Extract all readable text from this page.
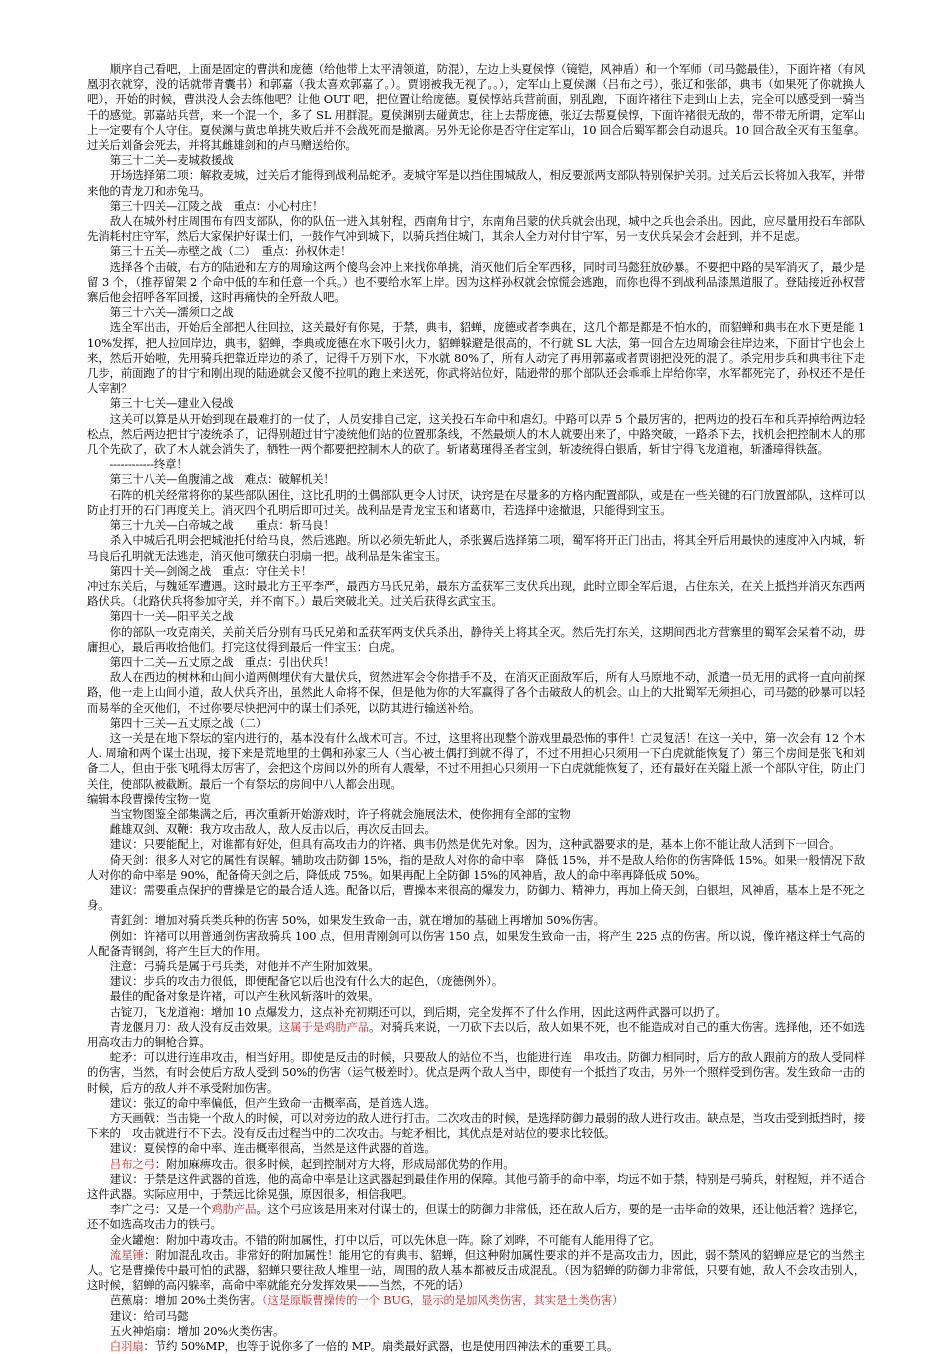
顺序自己看吧，上面是固定的曹洪和庞德（给他带上太平清领道，防混），左边上头夏侯惇（镜铠，风神盾）和一个军师（司马懿最佳），下面许褚（有风凰羽衣就穿，没的话就带青囊书）和郭嘉（我太喜欢郭嘉了。）。贾诩被我无视了。。），定军山上夏侯渊（吕布之弓），张辽和张郃，典韦（如果死了你就换人吧），开始的时候，曹洪没人会去练他吧？让他 OUT 吧，把位置让给庞德。夏侯惇站兵营前面，别乱跑，下面许褚往下走到山上去，完全可以感受到一骑当千的感觉。郭嘉站兵营，来一个混一个，多了 SL 用群混。夏侯渊别去碰黄忠，往上去帮庞德，张辽去帮夏侯惇，下面许褚很无敌的，带不带无所谓，定军山上一定要有个人守住。夏侯渊与黄忠单挑失败后并不会战死而是撤离。另外无论你是否守住定军山，10 回合后蜀军都会自动退兵。10 回合敌全灭有玉玺拿。过关后刘备会死去，并将其雌雄剑和的卢马赠送给你。

第三十二关—麦城救援战

开场选择第二项：解救麦城，过关后才能得到战利品蛇矛。麦城守军是以挡住围城敌人，相反要派两支部队特别保护关羽。过关后云长将加入我军，并带来他的青龙刀和赤兔马。

第三十四关—江陵之战　重点：小心村庄！

敌人在城外村庄周围布有四支部队，你的队伍一进入其射程，西南角甘宁，东南角吕蒙的伏兵就会出现，城中之兵也会杀出。因此，应尽量用投石车部队先消耗村庄守军，然后大家保护好谋士们，一鼓作气冲到城下，以骑兵挡住城门，其余人全力对付甘宁军，另一支伏兵呆会才会赶到，并不足虑。

第三十五关—赤壁之战（二）　重点：孙权休走！

选择各个击破，右方的陆逊和左方的周瑜这两个傻鸟会冲上来找你单挑，消灭他们后全军西移，同时司马懿狂放砂暴。不要把中路的吴军消灭了，最少是留 3 个，（推荐留架 2 个命中低的车和任意一个兵。）也不要给水军上岸。因为这样孙权就会惊慌会逃跑，而你也得不到战利品漆黑道服了。登陆接近孙权营寨后他会招呼各军回援，这时再痛快的全歼敌人吧。

第三十六关—濡须口之战

选全军出击，开始后全部把人往回拉，这关最好有你晃，于禁，典韦，貂蝉，庞德或者李典在，这几个都是都是不怕水的，而貂蝉和典韦在水下更是能 110%发挥，把人拉回岸边，典韦，貂蝉，李典或庞德在水下吸引火力，貂蝉躲避是很高的，不行就 SL 大法，第一回合左边周瑜会往岸边来，下面甘宁也会上来，然后开始啦，先用骑兵把靠近岸边的杀了，记得千万别下水，下水就 80%了，所有人动完了再用郭嘉或者贾诩把没死的混了。杀完用步兵和典韦往下走几步，前面跑了的甘宁和刚出现的陆逊就会又傻不拉叽的跑上来送死，你武将站位好，陆逊带的那个部队还会乖乖上岸给你宰，水军都死完了，孙权还不是任人宰割？

第三十七关—建业入侵战

这关可以算是从开始到现在最难打的一仗了，人员安排自己定，这关投石车命中和虐幻。中路可以弄 5 个最厉害的，把两边的投石车和兵弄掉给两边轻松点，然后两边把甘宁凌统杀了，记得别超过甘宁凌统他们站的位置那条线，不然最烦人的木人就要出来了，中路突破，一路杀下去，找机会把控制木人的那几个先砍了，砍了木人就会消失了，牺牲一两个都要把控制木人的砍了。斩诸葛瑾得圣者宝剑，斩凌统得白银盾，斩甘宁得飞龙道袍，斩潘璋得铁盔。

　　------------终章！

第三十八关—鱼腹浦之战　难点：破解机关！

石阵的机关经常将你的某些部队困住，这比孔明的土偶部队更令人讨厌，诀窍是在尽量多的方格内配置部队，或是在一些关键的石门放置部队，这样可以防止打开的石门再度关上。消灭四个孔明后即可过关。战利品是青龙宝玉和诸葛巾，若选择中途撤退，只能得到宝玉。

第三十九关—白帝城之战　　重点：斩马良！

杀入中城后孔明会把城池托付给马良，然后逃跑。所以必须先斩此人，杀张翼后选择第二项，蜀军将开正门出击，将其全歼后用最快的速度冲入内城，斩马良后孔明就无法逃走，消灭他可缴获白羽扇一把。战利品是朱雀宝玉。

第四十关—剑阁之战　重点：守住关卡！

冲过东关后，与魏延军遭遇。这时最北方王平李严，最西方马氏兄弟，最东方孟获军三支伏兵出现，此时立即全军后退，占住东关，在关上抵挡并消灭东西两路伏兵。（北路伏兵将参加守关，并不南下。）最后突破北关。过关后获得玄武宝玉。

第四十一关—阳平关之战

你的部队一攻克南关，关前关后分别有马氏兄弟和孟获军两支伏兵杀出，静待关上将其全灭。然后先打东关，这期间西北方营寨里的蜀军会呆着不动，毋庸担心，最后再收拾他们。打完这仗得到最后一件宝玉：白虎。

第四十二关—五丈原之战　重点：引出伏兵！

敌人在西边的树林和山间小道两侧埋伏有大量伏兵，贸然进军会令你措手不及，在消灭正面敌军后，所有人马原地不动，派遣一员无用的武将一直向前探路，他一走上山间小道，敌人伏兵齐出，虽然此人命将不保，但是他为你的大军赢得了各个击破敌人的机会。山上的大批蜀军无须担心，司马懿的砂暴可以轻而易举的全灭他们，不过你要尽快把河中的谋士们杀死，以防其进行输送补给。

第四十三关—五丈原之战（二）

这一关是在地下祭坛的室内进行的，基本没有什么战术可言。不过，这里将出现整个游戏里最恐怖的事件！亡灵复活！在这一关中，第一次会有 12 个木人. 周瑜和两个谋士出现，接下来是荒地里的土偶和孙家三人（当心被土偶打到就不得了，不过不用担心只须用一下白虎就能恢复了）第三个房间是张飞和刘备二人，但由于张飞吼得太厉害了，会把这个房间以外的所有人震晕，不过不用担心只须用一下白虎就能恢复了，还有最好在关隘上派一个部队守住，防止门关住，使部队被截断。最后一个有祭坛的房间中八人都会出现。

编辑本段曹操传宝物一览

当宝物图鉴全部集满之后，再次重新开始游戏时，许子将就会施展法术，使你拥有全部的宝物

雌雄双剑、双鞭：我方攻击敌人，敌人反击以后，再次反击回去。

建议：只要能配上，对谁都有好处，但具有高攻击力的许褚、典韦仍然是优先对象。因为，这种武器要求的是，基本上你不能让敌人活到下一回合。

倚天剑：很多人对它的属性有误解。辅助攻击防御 15%，指的是敌人对你的命中率　降低 15%，并不是敌人给你的伤害降低 15%。如果一般情况下敌人对你的命中率是 90%，配备倚天剑之后，降低成 75%。如果再配上全防御 15%的风神盾，敌人的命中率再降低成 50%。

建议：需要重点保护的曹操是它的最合适人选。配备以后，曹操本来很高的爆发力，防御力、精神力，再加上倚天剑，白银坦，风神盾，基本上是不死之身。

青釭剑：增加对骑兵类兵种的伤害 50%，如果发生致命一击，就在增加的基础上再增加 50%伤害。

例如：许褚可以用普通剑伤害敌骑兵 100 点，但用青刚剑可以伤害 150 点，如果发生致命一击，将产生 225 点的伤害。所以说，像许褚这样士气高的人配备青钢剑，将产生巨大的作用。

注意：弓骑兵是属于弓兵类，对他并不产生附加效果。

建议：步兵的攻击力很低，即便配备它以后也没有什么大的起色，（庞德例外）。

最佳的配备对象是许褚，可以产生秋风斩落叶的效果。

古锭刀，飞龙道袍：增加 10 点爆发力，这点补充初期还可以，到后期，完全发挥不了什么作用，因此这两件武器可以扔了。

青龙偃月刀：敌人没有反击效果。这属于是鸡肋产品。对骑兵来说，一刀砍下去以后，敌人如果不死，也不能造成对自己的重大伤害。选择他，还不如选用高攻击力的铜枪合算。

蛇矛：可以进行连串攻击，相当好用。即使是反击的时候，只要敌人的站位不当，也能进行连　串攻击。防御力相同时，后方的敌人跟前方的敌人受同样的伤害，当然，有时会使后方敌人受到 50%的伤害（运气极差时）。优点是两个敌人当中，即使有一个抵挡了攻击，另外一个照样受到伤害。发生致命一击的时候，后方的敌人并不承受附加伤害。

建议：张辽的命中率偏低，但产生致命一击概率高，是首选人选。

方天画戟：当击毙一个敌人的时候，可以对旁边的敌人进行打击。二次攻击的时候，是选择防御力最弱的敌人进行攻击。缺点是，当攻击受到抵挡时，接下来的　攻击就进行不下去。没有反击过程当中的二次攻击。与蛇矛相比，其优点是对站位的要求比较低。

建议：夏侯惇的命中率、连击概率很高，当然是这件武器的首选。

吕布之弓：附加麻痹攻击。很多时候，起到控制对方大将，形成局部优势的作用。

建议：于禁是这件武器的首选，他的高命中率是让这武器起到最佳作用的保障。其他弓箭手的命中率，均远不如于禁，特别是弓骑兵，射程短，并不适合这件武器。实际应用中，于禁远比徐晃强，原因很多，相信我吧。

李广之弓：又是一个鸡肋产品。这个弓应该是用来对付谋士的，但谋士的防御力非常低，还在敌人后方，要的是一击毕命的效果，还让他活着？选择它，还不如选高攻击力的铁弓。

金火罐炮：附加中毒攻击。不错的附加属性，打中以后，可以先休息一阵。除了刘晔，不可能有人能用得了它。

流星锤：附加混乱攻击。非常好的附加属性！能用它的有典韦、貂蝉，但这种附加属性要求的并不是高攻击力，因此，弱不禁风的貂蝉应是它的当然主人。它是曹操传中最可怕的武器，貂蝉只要往敌人堆里一站，周围的敌人基本都被反击成混乱。（因为貂蝉的防御力非常低，只要有她，敌人不会攻击别人，这时候，貂蝉的高闪躲率，高命中率就能充分发挥效果——当然，不死的话）

芭蕉扇：增加 20%土类伤害。（这是原版曹操传的一个 BUG，显示的是加风类伤害，其实是土类伤害）

建议：给司马懿

五火神焰扇：增加 20%火类伤害。

白羽扇：节约 50%MP，也等于说你多了一倍的 MP。扇类最好武器，也是使用四神法术的重要工具。
